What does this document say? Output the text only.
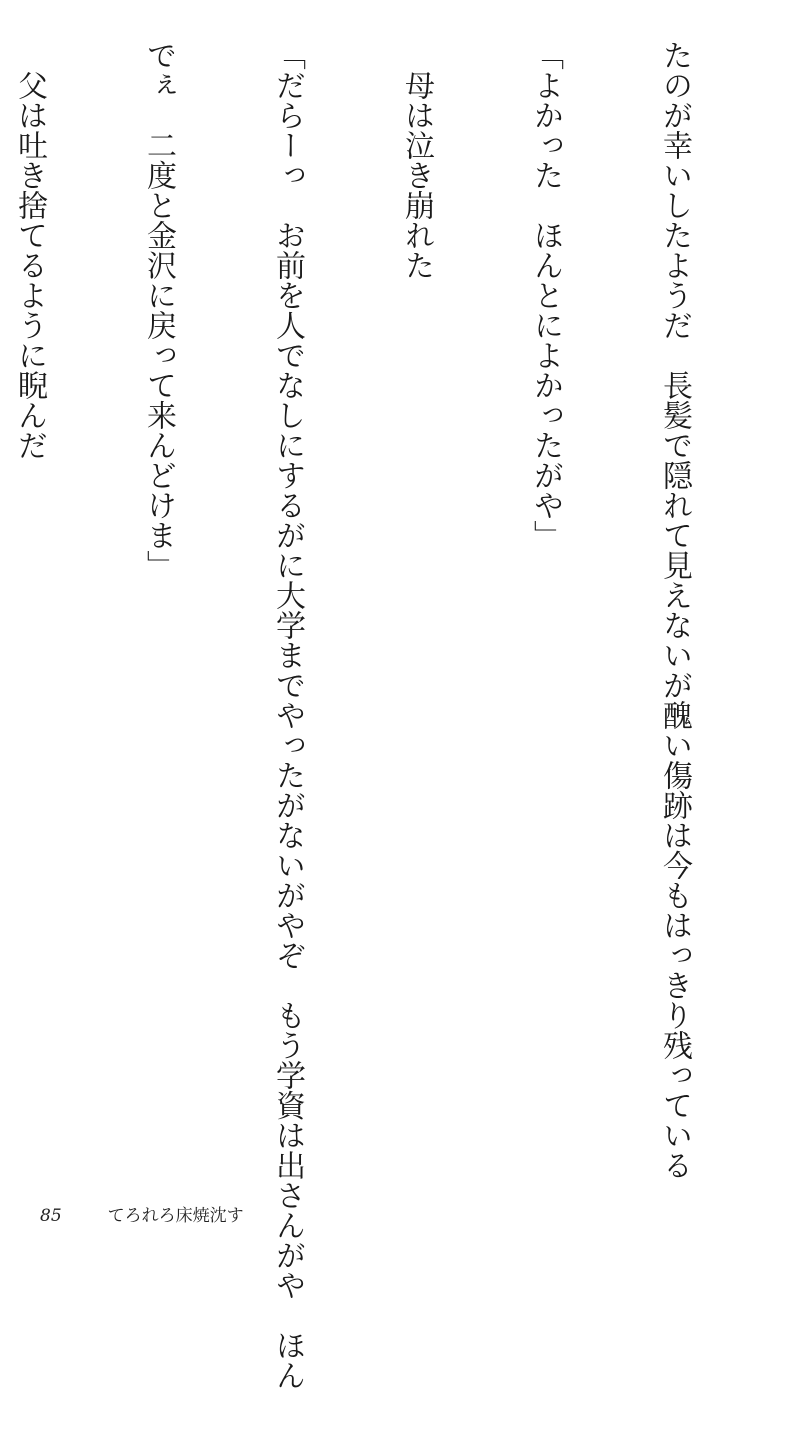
たのが幸いしたようだ　長髪で隠れて見えないが醜い傷跡は今もはっきり残っている

「よかった　ほんとによかったがや」

　母は泣き崩れた

「だらーっ　お前を人でなしにするがに大学までやったがないがやぞ　もう学資は出さんがや　ほん

でぇ　二度と金沢に戻って来んどけま」

　父は吐き捨てるように睨んだ

85	てろれろ床焼沈す
